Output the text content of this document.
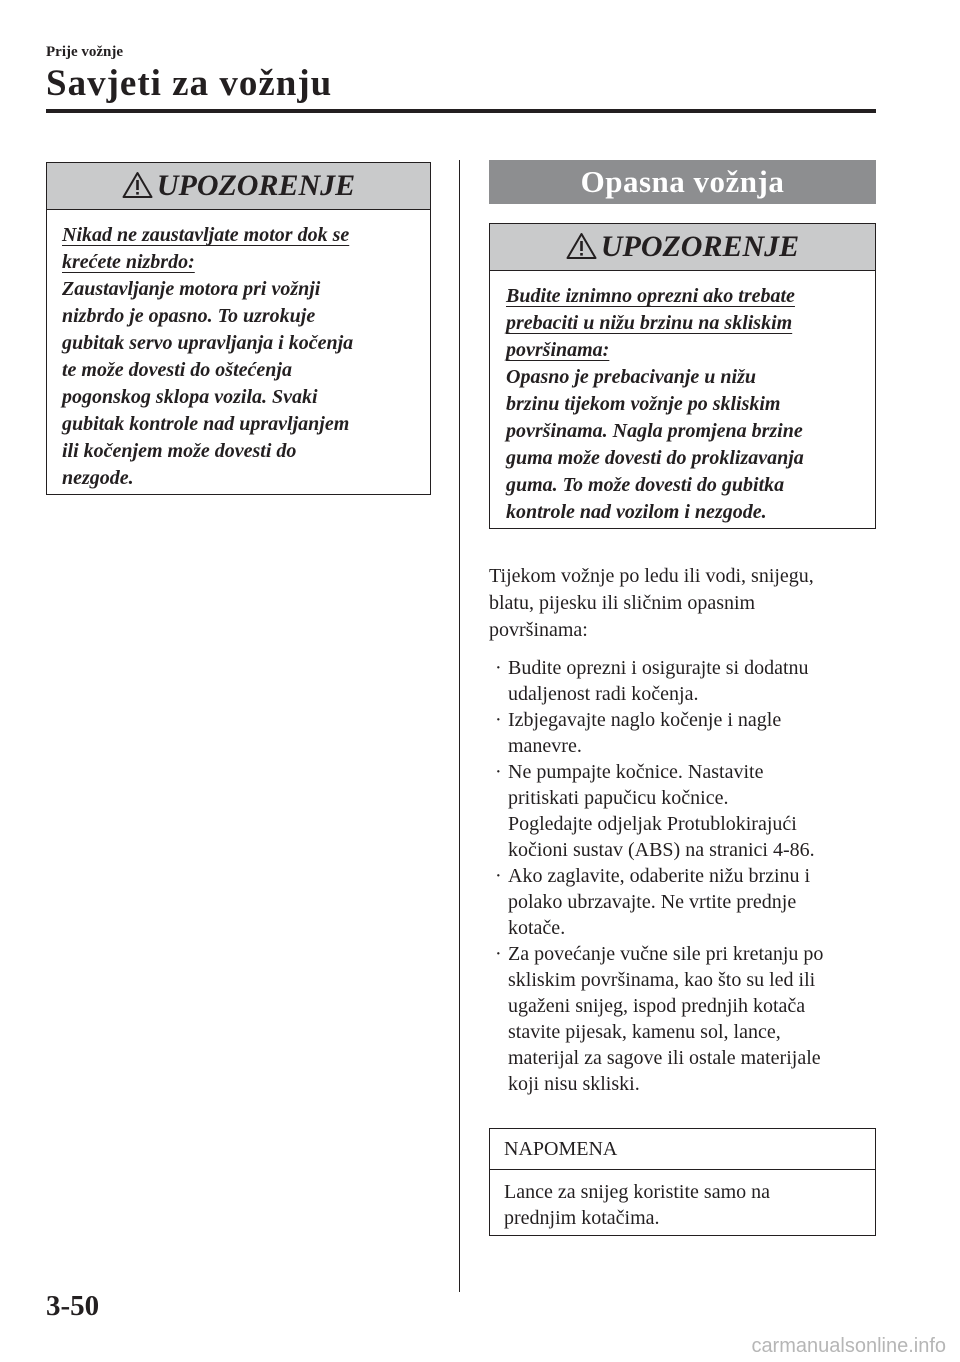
Prije vožnje
Savjeti za vožnju
UPOZORENJE
Nikad ne zaustavljate motor dok se
krećete nizbrdo:
Zaustavljanje motora pri vožnji
nizbrdo je opasno. To uzrokuje
gubitak servo upravljanja i kočenja
te može dovesti do oštećenja
pogonskog sklopa vozila. Svaki
gubitak kontrole nad upravljanjem
ili kočenjem može dovesti do
nezgode.
Opasna vožnja
UPOZORENJE
Budite iznimno oprezni ako trebate
prebaciti u nižu brzinu na skliskim
površinama:
Opasno je prebacivanje u nižu
brzinu tijekom vožnje po skliskim
površinama. Nagla promjena brzine
guma može dovesti do proklizavanja
guma. To može dovesti do gubitka
kontrole nad vozilom i nezgode.
Tijekom vožnje po ledu ili vodi, snijegu,
blatu, pijesku ili sličnim opasnim
površinama:
· Budite oprezni i osigurajte si dodatnu
udaljenost radi kočenja.
· Izbjegavajte naglo kočenje i nagle
manevre.
· Ne pumpajte kočnice. Nastavite
pritiskati papučicu kočnice.
Pogledajte odjeljak Protublokirajući
kočioni sustav (ABS) na stranici 4-86.
· Ako zaglavite, odaberite nižu brzinu i
polako ubrzavajte. Ne vrtite prednje
kotače.
· Za povećanje vučne sile pri kretanju po
skliskim površinama, kao što su led ili
ugaženi snijeg, ispod prednjih kotača
stavite pijesak, kamenu sol, lance,
materijal za sagove ili ostale materijale
koji nisu skliski.
NAPOMENA
Lance za snijeg koristite samo na
prednjim kotačima.
3-50
carmanualsonline.info
